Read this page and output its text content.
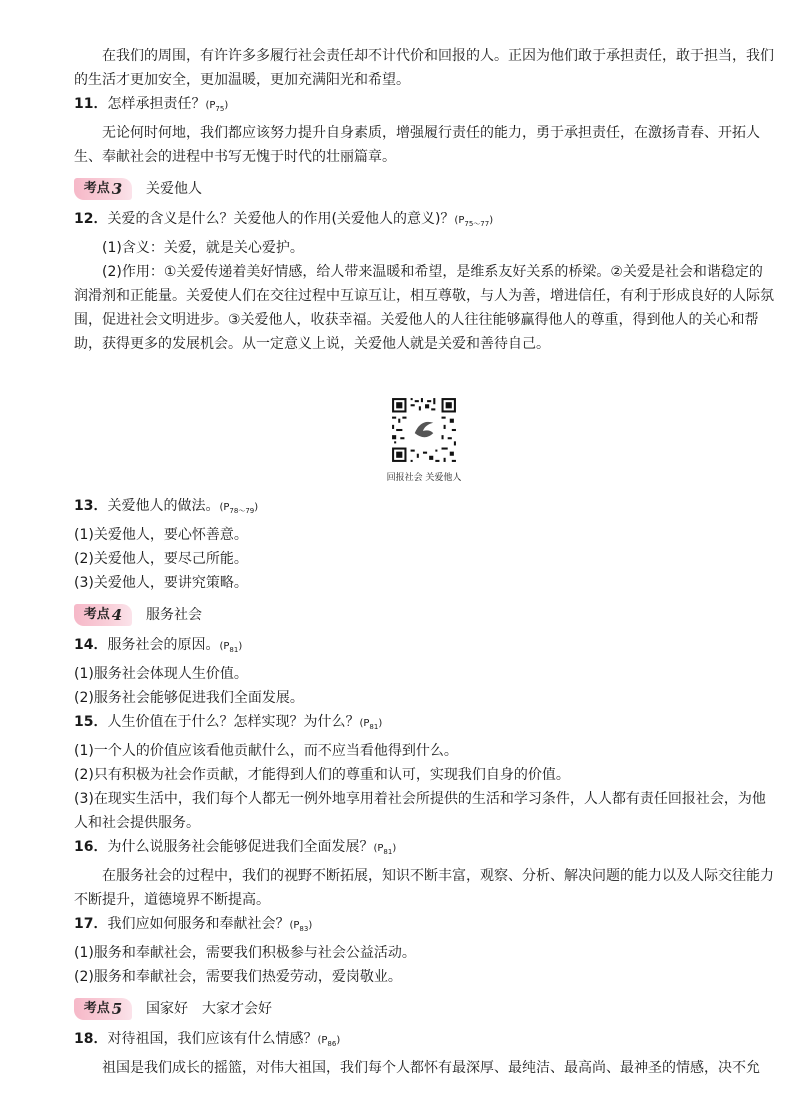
在我们的周围，有许许多多履行社会责任却不计代价和回报的人。正因为他们敢于承担责任，敢于担当，我们的生活才更加安全，更加温暖，更加充满阳光和希望。

11．怎样承担责任？$(P_{75})$

无论何时何地，我们都应该努力提升自身素质，增强履行责任的能力，勇于承担责任，在激扬青春、开拓人生、奉献社会的进程中书写无愧于时代的壮丽篇章。

考点 3 关爱他人

12．关爱的含义是什么？关爱他人的作用(关爱他人的意义)？$(P_{75\sim 77})$

(1)含义：关爱，就是关心爱护。

(2)作用：①关爱传递着美好情感，给人带来温暖和希望，是维系友好关系的桥梁。②关爱是社会和谐稳定的润滑剂和正能量。关爱使人们在交往过程中互谅互让，相互尊敬，与人为善，增进信任，有利于形成良好的人际氛围，促进社会文明进步。③关爱他人，收获幸福。关爱他人的人往往能够赢得他人的尊重，得到他人的关心和帮助，获得更多的发展机会。从一定意义上说，关爱他人就是关爱和善待自己。

回报社会 关爱他人

13．关爱他人的做法。$(P_{78\sim 79})$

(1)关爱他人，要心怀善意。

(2)关爱他人，要尽己所能。

(3)关爱他人，要讲究策略。

考点 4 服务社会

14．服务社会的原因。$(P_{81})$

(1)服务社会体现人生价值。

(2)服务社会能够促进我们全面发展。

15．人生价值在于什么？怎样实现？为什么？$(P_{81})$

(1)一个人的价值应该看他贡献什么，而不应当看他得到什么。

(2)只有积极为社会作贡献，才能得到人们的尊重和认可，实现我们自身的价值。

(3)在现实生活中，我们每个人都无一例外地享用着社会所提供的生活和学习条件，人人都有责任回报社会，为他人和社会提供服务。

16．为什么说服务社会能够促进我们全面发展？$(P_{81})$

在服务社会的过程中，我们的视野不断拓展，知识不断丰富，观察、分析、解决问题的能力以及人际交往能力不断提升，道德境界不断提高。

17．我们应如何服务和奉献社会？$(P_{83})$

(1)服务和奉献社会，需要我们积极参与社会公益活动。

(2)服务和奉献社会，需要我们热爱劳动，爱岗敬业。

考点 5 国家好　大家才会好

18．对待祖国，我们应该有什么情感？$(P_{86})$

祖国是我们成长的摇篮，对伟大祖国，我们每个人都怀有最深厚、最纯洁、最高尚、最神圣的情感，决不允
